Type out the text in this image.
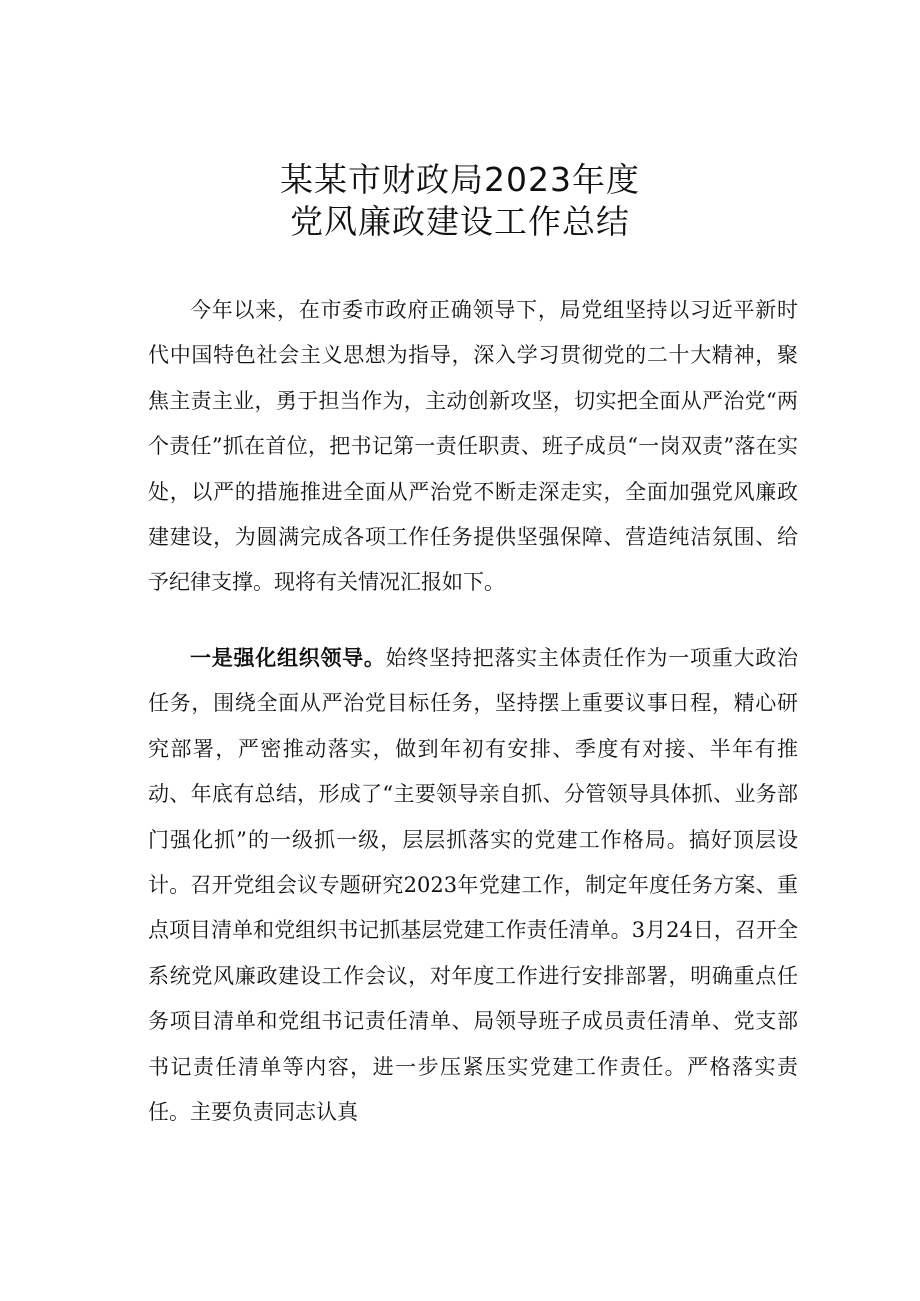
某某市财政局2023年度
党风廉政建设工作总结

今年以来，在市委市政府正确领导下，局党组坚持以习近平新时代中国特色社会主义思想为指导，深入学习贯彻党的二十大精神，聚焦主责主业，勇于担当作为，主动创新攻坚，切实把全面从严治党“两个责任”抓在首位，把书记第一责任职责、班子成员“一岗双责”落在实处，以严的措施推进全面从严治党不断走深走实，全面加强党风廉政建建设，为圆满完成各项工作任务提供坚强保障、营造纯洁氛围、给予纪律支撑。现将有关情况汇报如下。

一是强化组织领导。始终坚持把落实主体责任作为一项重大政治任务，围绕全面从严治党目标任务，坚持摆上重要议事日程，精心研究部署，严密推动落实，做到年初有安排、季度有对接、半年有推动、年底有总结，形成了“主要领导亲自抓、分管领导具体抓、业务部门强化抓”的一级抓一级，层层抓落实的党建工作格局。搞好顶层设计。召开党组会议专题研究2023年党建工作，制定年度任务方案、重点项目清单和党组织书记抓基层党建工作责任清单。3月24日，召开全系统党风廉政建设工作会议，对年度工作进行安排部署，明确重点任务项目清单和党组书记责任清单、局领导班子成员责任清单、党支部书记责任清单等内容，进一步压紧压实党建工作责任。严格落实责任。主要负责同志认真
